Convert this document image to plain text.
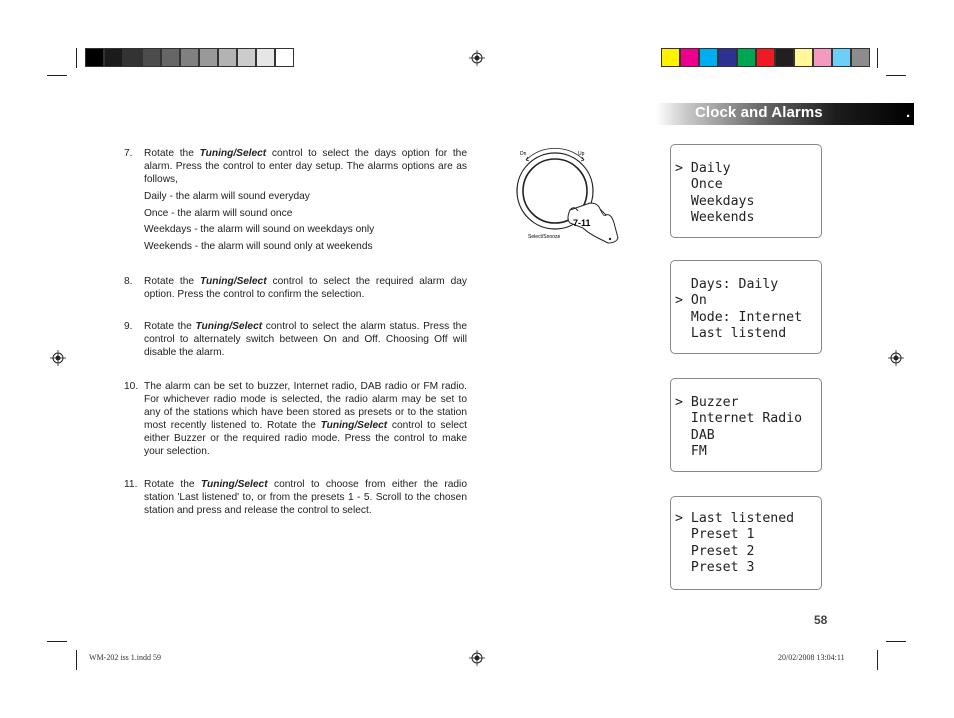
Clock and Alarms	.
7.	Rotate the Tuning/Select control to select the days option for the alarm. Press the control to enter day setup. The alarms options are as follows,
Daily - the alarm will sound everyday
Once - the alarm will sound once
Weekdays - the alarm will sound on weekdays only
Weekends - the alarm will sound only at weekends
8.	Rotate the Tuning/Select control to select the required alarm day option. Press the control to confirm the selection.
9.	Rotate the Tuning/Select control to select the alarm status. Press the control to alternately switch between On and Off. Choosing Off will disable the alarm.
10. The alarm can be set to buzzer, Internet radio, DAB radio or FM radio. For whichever radio mode is selected, the radio alarm may be set to any of the stations which have been stored as presets or to the station most recently listened to. Rotate the Tuning/Select control to select either Buzzer or the required radio mode. Press the control to make your selection.
11. Rotate the Tuning/Select control to choose from either the radio station 'Last listened' to, or from the presets 1 - 5. Scroll to the chosen station and press and release the control to select.
Dn	Up
Select/Snooze
7-11
> Daily
Once
Weekdays
Weekends
Days: Daily
> On
Mode: Internet
Last listend
> Buzzer
Internet Radio
DAB
FM
> Last listened
Preset 1
Preset 2
Preset 3
58
WM-202 iss 1.indd 59	20/02/2008 13:04:11
